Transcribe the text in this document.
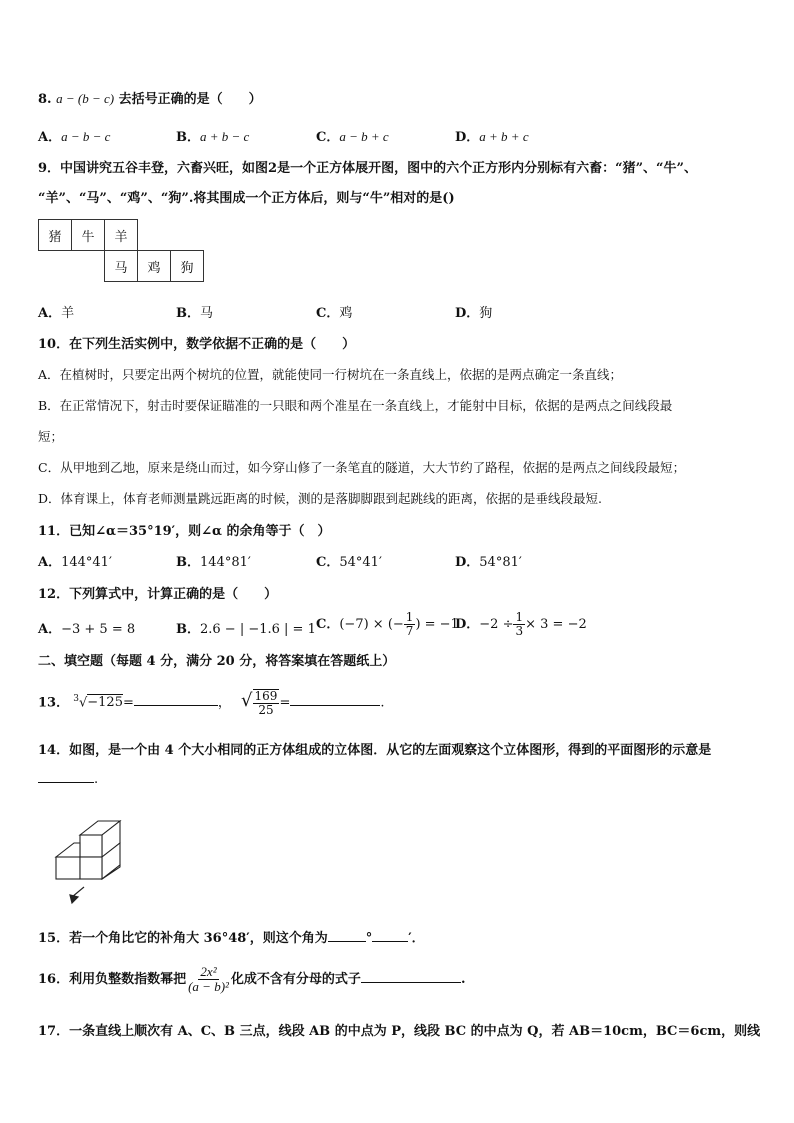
8. a − (b − c) 去括号正确的是（　　）
A．a − b − c	B．a + b − c	C．a − b + c	D．a + b + c
9．中国讲究五谷丰登，六畜兴旺，如图2是一个正方体展开图，图中的六个正方形内分别标有六畜：“猪”、“牛”、
“羊”、“马”、“鸡”、“狗”.将其围成一个正方体后，则与“牛”相对的是()
猪	牛	羊		
		马	鸡	狗
A．羊	B．马	C．鸡	D．狗
10．在下列生活实例中，数学依据不正确的是（　　）
A．在植树时，只要定出两个树坑的位置，就能使同一行树坑在一条直线上，依据的是两点确定一条直线；
B．在正常情况下，射击时要保证瞄准的一只眼和两个准星在一条直线上，才能射中目标，依据的是两点之间线段最
短；
C．从甲地到乙地，原来是绕山而过，如今穿山修了一条笔直的隧道，大大节约了路程，依据的是两点之间线段最短；
D．体育课上，体育老师测量跳远距离的时候，测的是落脚脚跟到起跳线的距离，依据的是垂线段最短.
11．已知∠α＝35°19′，则∠α 的余角等于（　）
A．144°41′	B．144°81′	C．54°41′	D．54°81′
12．下列算式中，计算正确的是（　　）
A．−3 + 5 = 8	B．2.6 − | −1.6 | = 1 C．(−7) × (− $\frac{1}{7}$ ) = −1
D．$-2 \div \frac{1}{3} \times 3 = -2$
二、填空题（每题 4 分，满分 20 分，将答案填在答题纸上）
13． $^3$√−125=	， √ $\frac{169}{25}$ =	.
14．如图，是一个由 4 个大小相同的正方体组成的立体图．从它的左面观察这个立体图形，得到的平面图形的示意是
.
15．若一个角比它的补角大 36°48′，则这个角为	°	′．
16．利用负整数指数幂把 $\frac{\text{2x²}}{\text{(a − b)²}}$ 化成不含有分母的式子	.
17．一条直线上顺次有 A、C、B 三点，线段 AB 的中点为 P，线段 BC 的中点为 Q，若 AB＝10cm，BC＝6cm，则线
